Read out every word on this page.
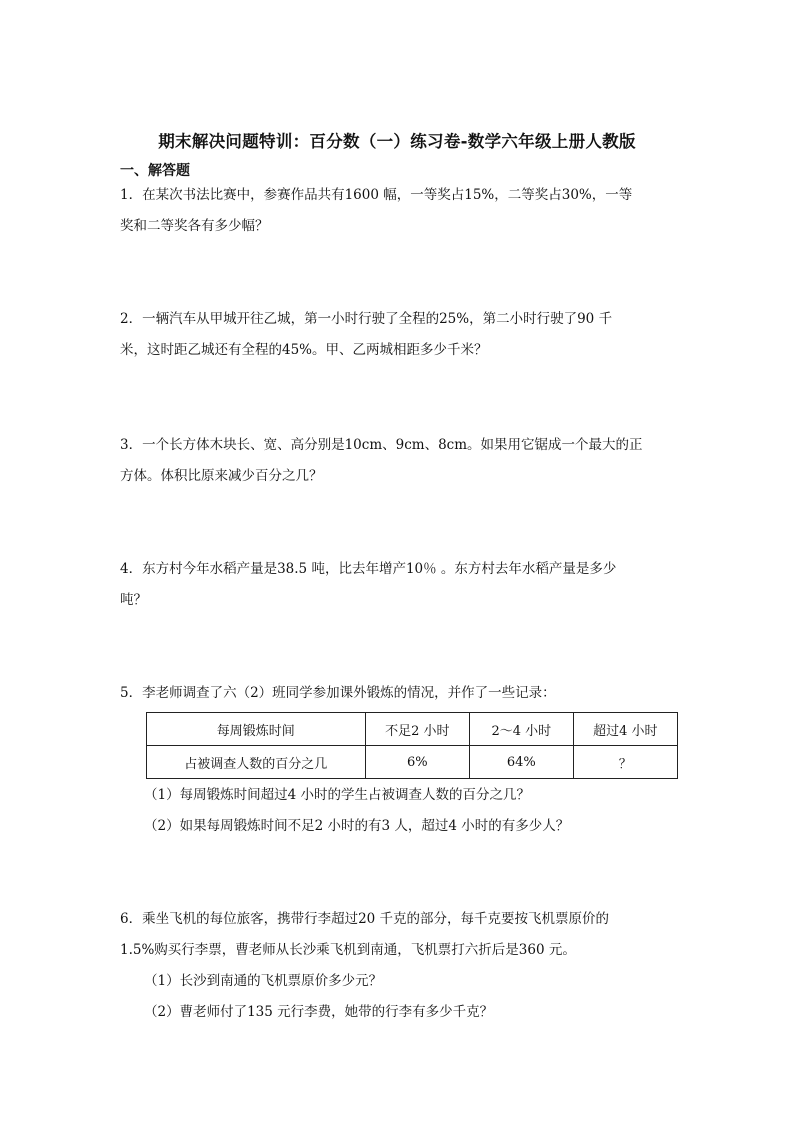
期末解决问题特训：百分数（一）练习卷-数学六年级上册人教版
一、解答题

1．在某次书法比赛中，参赛作品共有1600 幅，一等奖占15%，二等奖占30%，一等

奖和二等奖各有多少幅？

2．一辆汽车从甲城开往乙城，第一小时行驶了全程的25%，第二小时行驶了90 千

米，这时距乙城还有全程的45%。甲、乙两城相距多少千米？

3．一个长方体木块长、宽、高分别是10cm、9cm、8cm。如果用它锯成一个最大的正

方体。体积比原来减少百分之几？

4．东方村今年水稻产量是38.5 吨，比去年增产10％ 。东方村去年水稻产量是多少

吨？

5．李老师调查了六（2）班同学参加课外锻炼的情况，并作了一些记录：

每周锻炼时间	不足2 小时	2～4 小时	超过4 小时
占被调查人数的百分之几	6%	64%	？

（1）每周锻炼时间超过4 小时的学生占被调查人数的百分之几？

（2）如果每周锻炼时间不足2 小时的有3 人，超过4 小时的有多少人？

6．乘坐飞机的每位旅客，携带行李超过20 千克的部分，每千克要按飞机票原价的

1.5%购买行李票，曹老师从长沙乘飞机到南通，飞机票打六折后是360 元。

（1）长沙到南通的飞机票原价多少元？

（2）曹老师付了135 元行李费，她带的行李有多少千克？
